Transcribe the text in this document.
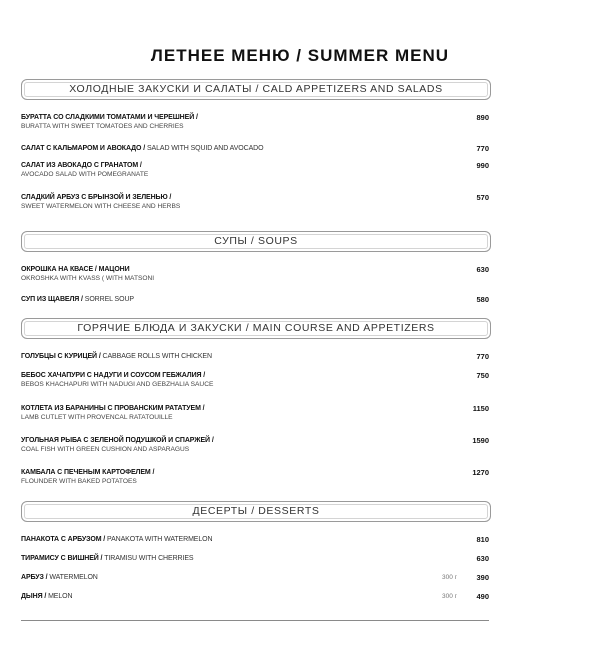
ЛЕТНЕЕ МЕНЮ / SUMMER MENU
ХОЛОДНЫЕ ЗАКУСКИ И САЛАТЫ / CALD APPETIZERS AND SALADS
БУРАТТА СО СЛАДКИМИ ТОМАТАМИ И ЧЕРЕШНЕЙ /
BURATTA WITH SWEET TOMATOES AND CHERRIES
890
САЛАТ С КАЛЬМАРОМ И АВОКАДО / SALAD WITH SQUID AND AVOCADO	770
САЛАТ ИЗ АВОКАДО С ГРАНАТОМ /
AVOCADO SALAD WITH POMEGRANATE
990
СЛАДКИЙ АРБУЗ С БРЫНЗОЙ И ЗЕЛЕНЬЮ /
SWEET WATERMELON WITH CHEESE AND HERBS
570
СУПЫ / SOUPS
ОКРОШКА НА КВАСЕ / МАЦОНИ
OKROSHKA WITH KVASS ( WITH MATSONI
630
СУП ИЗ ЩАВЕЛЯ / SORREL SOUP	580
ГОРЯЧИЕ БЛЮДА И ЗАКУСКИ / MAIN COURSE AND APPETIZERS
ГОЛУБЦЫ С КУРИЦЕЙ / CABBAGE ROLLS WITH CHICKEN	770
БЕБОС ХАЧАПУРИ С НАДУГИ И СОУСОМ ГЕБЖАЛИЯ /
BEBOS KHACHAPURI WITH NADUGI AND GEBZHALIA SAUCE
750
КОТЛЕТА ИЗ БАРАНИНЫ С ПРОВАНСКИМ РАТАТУЕМ /
LAMB CUTLET WITH PROVENCAL RATATOUILLE
1150
УГОЛЬНАЯ РЫБА С ЗЕЛЕНОЙ ПОДУШКОЙ И СПАРЖЕЙ /
COAL FISH WITH GREEN CUSHION AND ASPARAGUS
1590
КАМБАЛА С ПЕЧЕНЫМ КАРТОФЕЛЕМ /
FLOUNDER WITH BAKED POTATOES
1270
ДЕСЕРТЫ / DESSERTS
ПАНАКОТА С АРБУЗОМ / PANAKOTA WITH WATERMELON	810
ТИРАМИСУ С ВИШНЕЙ / TIRAMISU WITH CHERRIES	630
АРБУЗ / WATERMELON	300 г	390
ДЫНЯ / MELON	300 г	490
